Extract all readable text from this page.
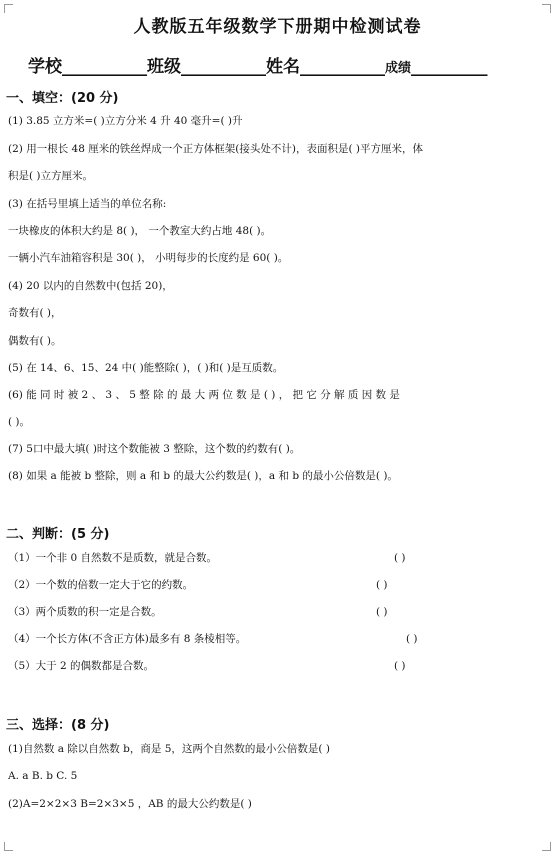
人教版五年级数学下册期中检测试卷
学校__________班级__________姓名__________成绩_________
一、填空：(20 分)
(1) 3.85 立方米=( )立方分米 4 升 40 毫升=( )升
(2) 用一根长 48 厘米的铁丝焊成一个正方体框架(接头处不计)，表面积是( )平方厘米，体
积是( )立方厘米。
(3) 在括号里填上适当的单位名称:
一块橡皮的体积大约是 8( )， 一个教室大约占地 48( )。
一辆小汽车油箱容积是 30( )， 小明每步的长度约是 60( )。
(4) 20 以内的自然数中(包括 20)，
奇数有( )，
偶数有( )。
(5) 在 14、6、15、24 中( )能整除( )，( )和( )是互质数。
(6) 能 同 时 被 2 、 3 、 5 整 除 的 最 大 两 位 数 是 ( ) ， 把 它 分 解 质 因 数 是
( )。
(7) 5口中最大填( )时这个数能被 3 整除，这个数的约数有( )。
(8) 如果 a 能被 b 整除，则 a 和 b 的最大公约数是( )，a 和 b 的最小公倍数是( )。
二、判断：(5 分)
（1）一个非 0 自然数不是质数，就是合数。	( )
（2）一个数的倍数一定大于它的约数。	( )
（3）两个质数的积一定是合数。	( )
（4）一个长方体(不含正方体)最多有 8 条棱相等。	( )
（5）大于 2 的偶数都是合数。	( )
三、选择：(8 分)
(1)自然数 a 除以自然数 b，商是 5，这两个自然数的最小公倍数是( )
A. a B. b C. 5
(2)A=2×2×3 B=2×3×5 ，AB 的最大公约数是( )
